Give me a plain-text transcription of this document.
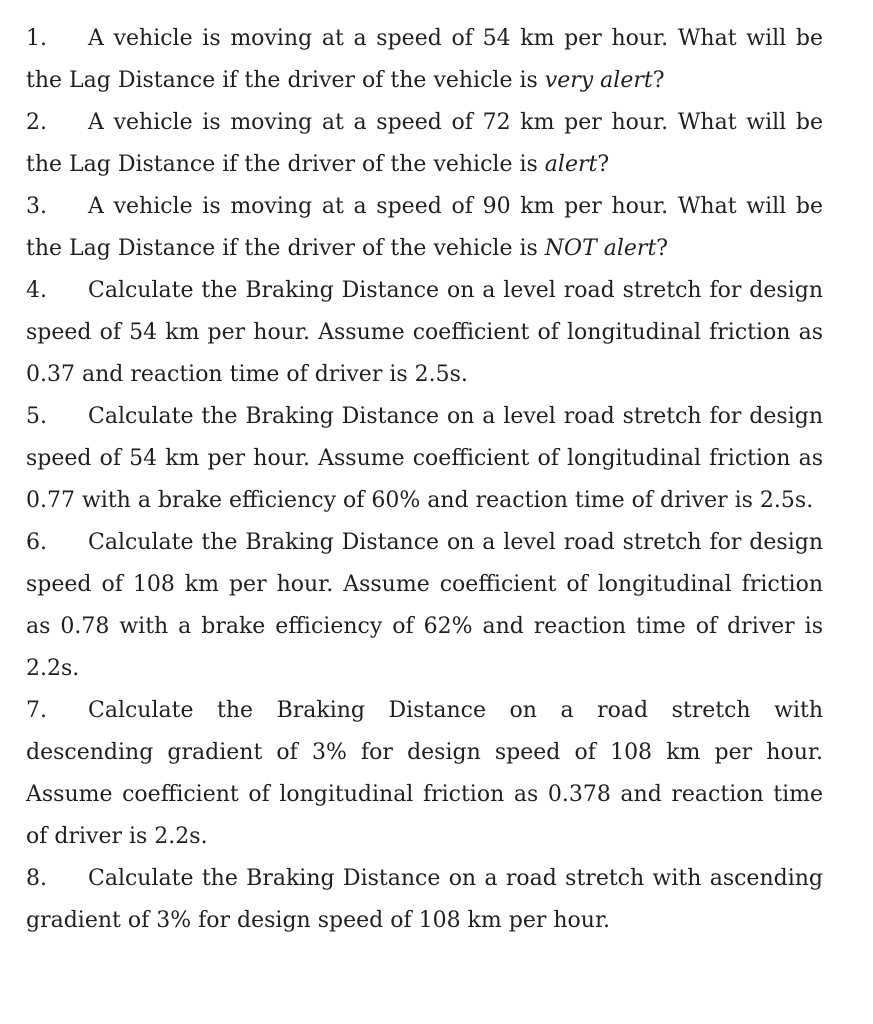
1. A vehicle is moving at a speed of 54 km per hour. What will be the Lag Distance if the driver of the vehicle is very alert?

2. A vehicle is moving at a speed of 72 km per hour. What will be the Lag Distance if the driver of the vehicle is alert?

3. A vehicle is moving at a speed of 90 km per hour. What will be the Lag Distance if the driver of the vehicle is NOT alert?

4. Calculate the Braking Distance on a level road stretch for design speed of 54 km per hour. Assume coefficient of longitudinal friction as 0.37 and reaction time of driver is 2.5s.

5. Calculate the Braking Distance on a level road stretch for design speed of 54 km per hour. Assume coefficient of longitudinal friction as 0.77 with a brake efficiency of 60% and reaction time of driver is 2.5s.

6. Calculate the Braking Distance on a level road stretch for design speed of 108 km per hour. Assume coefficient of longitudinal friction as 0.78 with a brake efficiency of 62% and reaction time of driver is 2.2s.

7. Calculate the Braking Distance on a road stretch with descending gradient of 3% for design speed of 108 km per hour. Assume coefficient of longitudinal friction as 0.378 and reaction time of driver is 2.2s.

8. Calculate the Braking Distance on a road stretch with ascending gradient of 3% for design speed of 108 km per hour.
